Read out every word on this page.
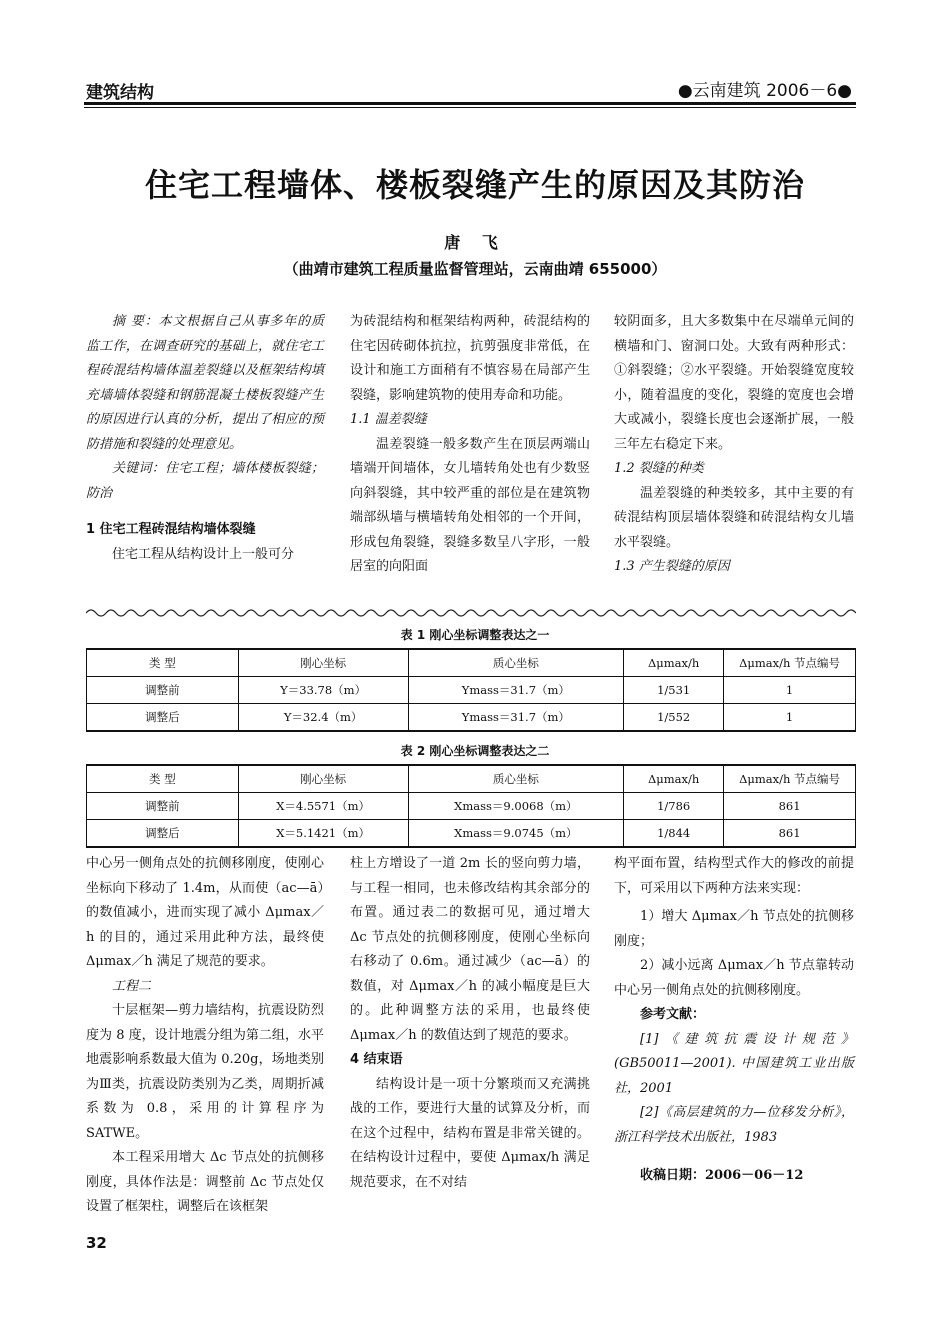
建筑结构	●云南建筑 2006－6●
住宅工程墙体、楼板裂缝产生的原因及其防治
唐 飞
（曲靖市建筑工程质量监督管理站，云南曲靖 655000）

摘 要：本文根据自己从事多年的质监工作，在调查研究的基础上，就住宅工程砖混结构墙体温差裂缝以及框架结构填充墙墙体裂缝和钢筋混凝土楼板裂缝产生的原因进行认真的分析，提出了相应的预防措施和裂缝的处理意见。

关键词：住宅工程；墙体楼板裂缝；防治

1 住宅工程砖混结构墙体裂缝

住宅工程从结构设计上一般可分

为砖混结构和框架结构两种，砖混结构的住宅因砖砌体抗拉，抗剪强度非常低，在设计和施工方面稍有不慎容易在局部产生裂缝，影响建筑物的使用寿命和功能。

1.1 温差裂缝

温差裂缝一般多数产生在顶层两端山墙端开间墙体，女儿墙转角处也有少数竖向斜裂缝，其中较严重的部位是在建筑物端部纵墙与横墙转角处相邻的一个开间，形成包角裂缝，裂缝多数呈八字形，一般居室的向阳面

较阴面多，且大多数集中在尽端单元间的横墙和门、窗洞口处。大致有两种形式：①斜裂缝；②水平裂缝。开始裂缝宽度较小，随着温度的变化，裂缝的宽度也会增大或减小，裂缝长度也会逐渐扩展，一般三年左右稳定下来。

1.2 裂缝的种类

温差裂缝的种类较多，其中主要的有砖混结构顶层墙体裂缝和砖混结构女儿墙水平裂缝。

1.3 产生裂缝的原因

表 1 刚心坐标调整表达之一
类 型	刚心坐标	质心坐标	Δμmax/h	Δμmax/h 节点编号
调整前	Y＝33.78（m）	Ymass＝31.7（m）	1/531	1
调整后	Y＝32.4（m）	Ymass＝31.7（m）	1/552	1
表 2 刚心坐标调整表达之二
类 型	刚心坐标	质心坐标	Δμmax/h	Δμmax/h 节点编号
调整前	X＝4.5571（m）	Xmass＝9.0068（m）	1/786	861
调整后	X＝5.1421（m）	Xmass＝9.0745（m）	1/844	861

中心另一侧角点处的抗侧移刚度，使刚心坐标向下移动了 1.4m，从而使（ac—ā）的数值减小，进而实现了减小 Δμmax／h 的目的，通过采用此种方法，最终使 Δμmax／h 满足了规范的要求。

工程二

十层框架—剪力墙结构，抗震设防烈度为 8 度，设计地震分组为第二组，水平地震影响系数最大值为 0.20g，场地类别为Ⅲ类，抗震设防类别为乙类，周期折减系数为 0.8，采用的计算程序为 SATWE。

本工程采用增大 Δc 节点处的抗侧移刚度，具体作法是：调整前 Δc 节点处仅设置了框架柱，调整后在该框架

柱上方增设了一道 2m 长的竖向剪力墙，与工程一相同，也未修改结构其余部分的布置。通过表二的数据可见，通过增大 Δc 节点处的抗侧移刚度，使刚心坐标向右移动了 0.6m。通过减少（ac—ā）的数值，对 Δμmax／h 的减小幅度是巨大的。此种调整方法的采用，也最终使 Δμmax／h 的数值达到了规范的要求。

4 结束语

结构设计是一项十分繁琐而又充满挑战的工作，要进行大量的试算及分析，而在这个过程中，结构布置是非常关键的。在结构设计过程中，要使 Δμmax/h 满足规范要求，在不对结

构平面布置，结构型式作大的修改的前提下，可采用以下两种方法来实现：

1）增大 Δμmax／h 节点处的抗侧移刚度；

2）减小远离 Δμmax／h 节点靠转动中心另一侧角点处的抗侧移刚度。

参考文献：

[1]《建筑抗震设计规范》(GB50011—2001). 中国建筑工业出版社，2001

[2]《高层建筑的力—位移发分析》，浙江科学技术出版社，1983

收稿日期：2006－06－12

32
